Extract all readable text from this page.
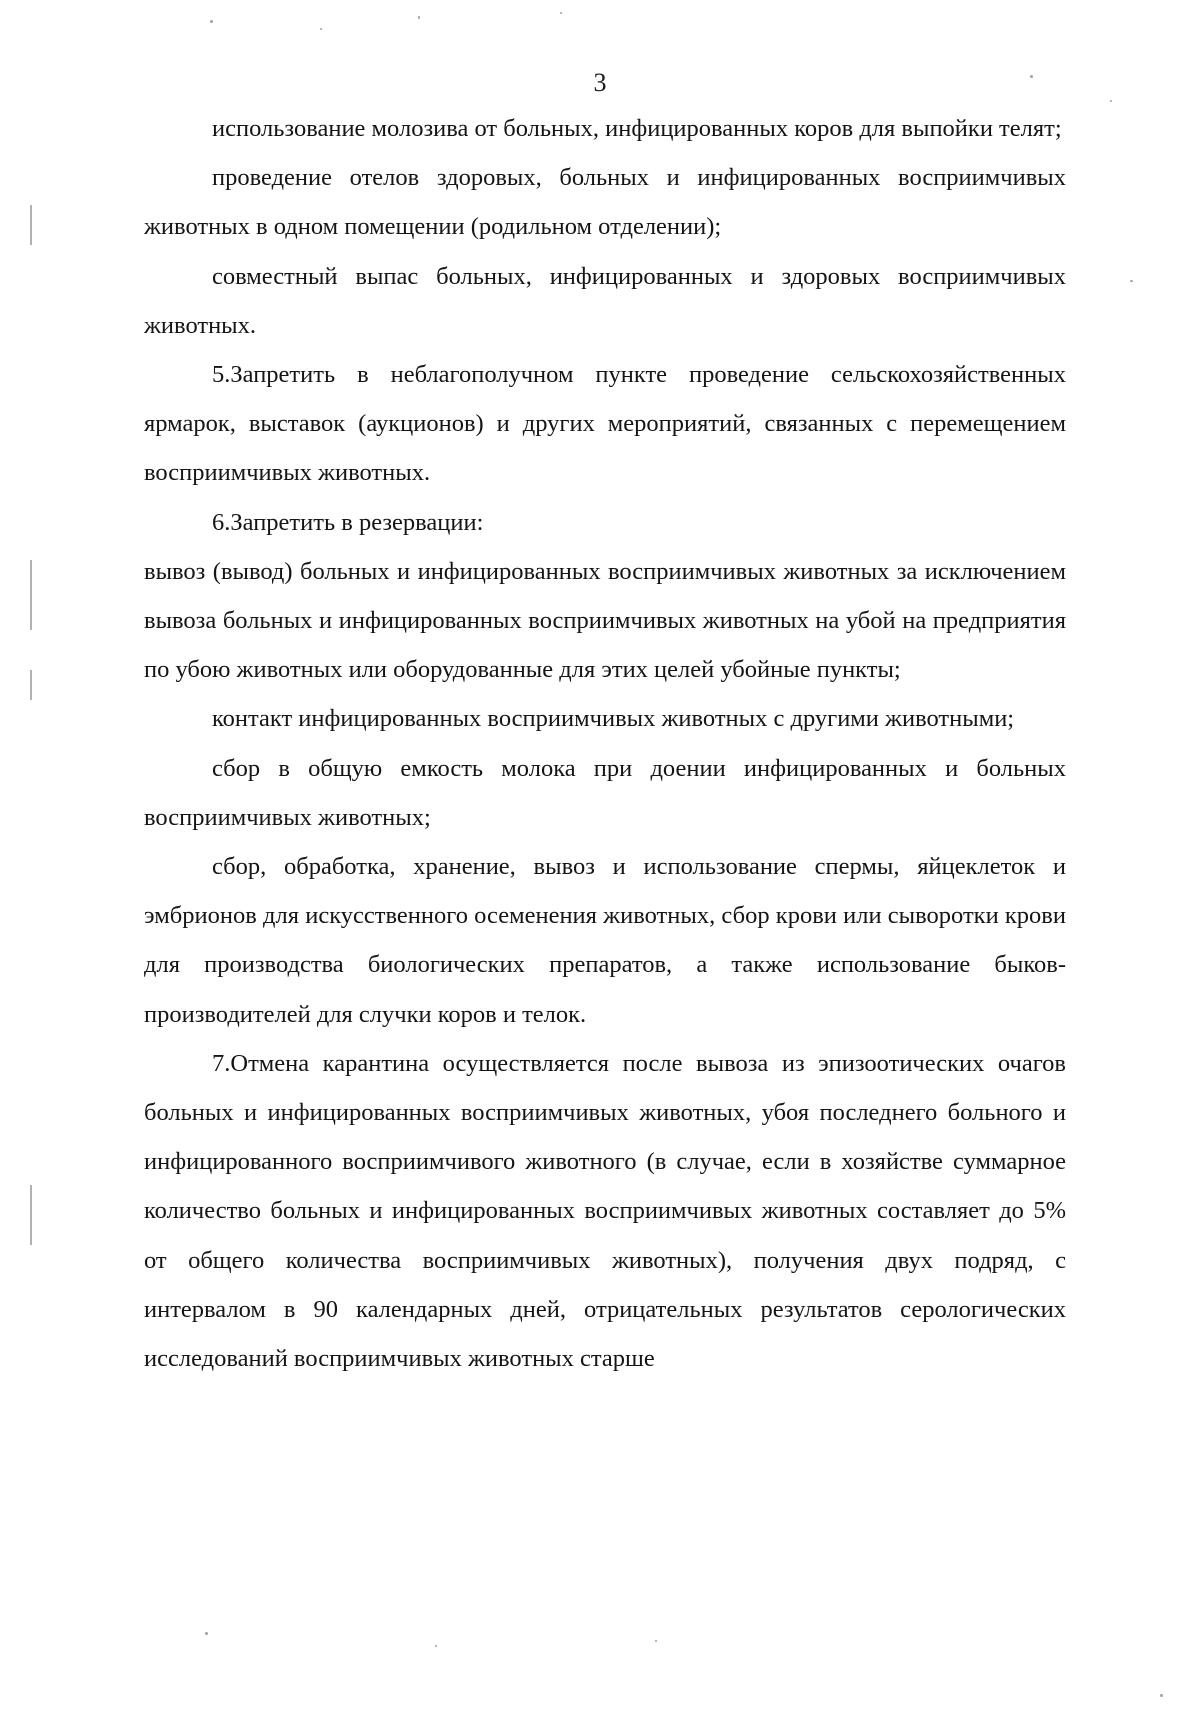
3

использование молозива от больных, инфицированных коров для выпойки телят;

проведение отелов здоровых, больных и инфицированных восприимчивых животных в одном помещении (родильном отделении);

совместный выпас больных, инфицированных и здоровых восприимчивых животных.

5.Запретить в неблагополучном пункте проведение сельскохозяйственных ярмарок, выставок (аукционов) и других мероприятий, связанных с перемещением восприимчивых животных.

6.Запретить в резервации:

вывоз (вывод) больных и инфицированных восприимчивых животных за исключением вывоза больных и инфицированных восприимчивых животных на убой на предприятия по убою животных или оборудованные для этих целей убойные пункты;

контакт инфицированных восприимчивых животных с другими животными;

сбор в общую емкость молока при доении инфицированных и больных восприимчивых животных;

сбор, обработка, хранение, вывоз и использование спермы, яйцеклеток и эмбрионов для искусственного осеменения животных, сбор крови или сыворотки крови для производства биологических препаратов, а также использование быков-производителей для случки коров и телок.

7.Отмена карантина осуществляется после вывоза из эпизоотических очагов больных и инфицированных восприимчивых животных, убоя последнего больного и инфицированного восприимчивого животного (в случае, если в хозяйстве суммарное количество больных и инфицированных восприимчивых животных составляет до 5% от общего количества восприимчивых животных), получения двух подряд, с интервалом в 90 календарных дней, отрицательных результатов серологических исследований восприимчивых животных старше
